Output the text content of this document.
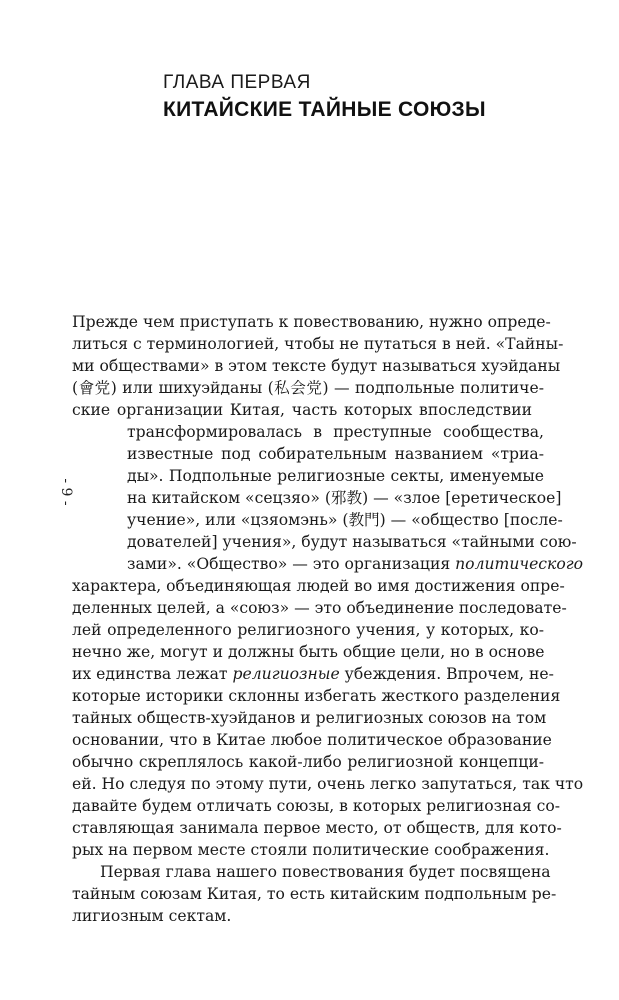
ГЛАВА ПЕРВАЯ
КИТАЙСКИЕ ТАЙНЫЕ СОЮЗЫ
- 9 -

Прежде чем приступать к повествованию, нужно опреде-

литься с терминологией, чтобы не путаться в ней. «Тайны-

ми обществами» в этом тексте будут называться хуэйданы

(會党) или шихуэйданы (私会党) — подпольные политиче-

ские организации Китая, часть которых впоследствии

трансформировалась в преступные сообщества,

известные под собирательным названием «триа-

ды». Подпольные религиозные секты, именуемые

на китайском «сецзяо» (邪教) — «злое [еретическое]

учение», или «цзяомэнь» (教門) — «общество [после-

дователей] учения», будут называться «тайными сою-

зами». «Общество» — это организация политического

характера, объединяющая людей во имя достижения опре-

деленных целей, а «союз» — это объединение последовате-

лей определенного религиозного учения, у которых, ко-

нечно же, могут и должны быть общие цели, но в основе

их единства лежат религиозные убеждения. Впрочем, не-

которые историки склонны избегать жесткого разделения

тайных обществ-хуэйданов и религиозных союзов на том

основании, что в Китае любое политическое образование

обычно скреплялось какой-либо религиозной концепци-

ей. Но следуя по этому пути, очень легко запутаться, так что

давайте будем отличать союзы, в которых религиозная со-

ставляющая занимала первое место, от обществ, для кото-

рых на первом месте стояли политические соображения.

Первая глава нашего повествования будет посвящена

тайным союзам Китая, то есть китайским подпольным ре-

лигиозным сектам.
